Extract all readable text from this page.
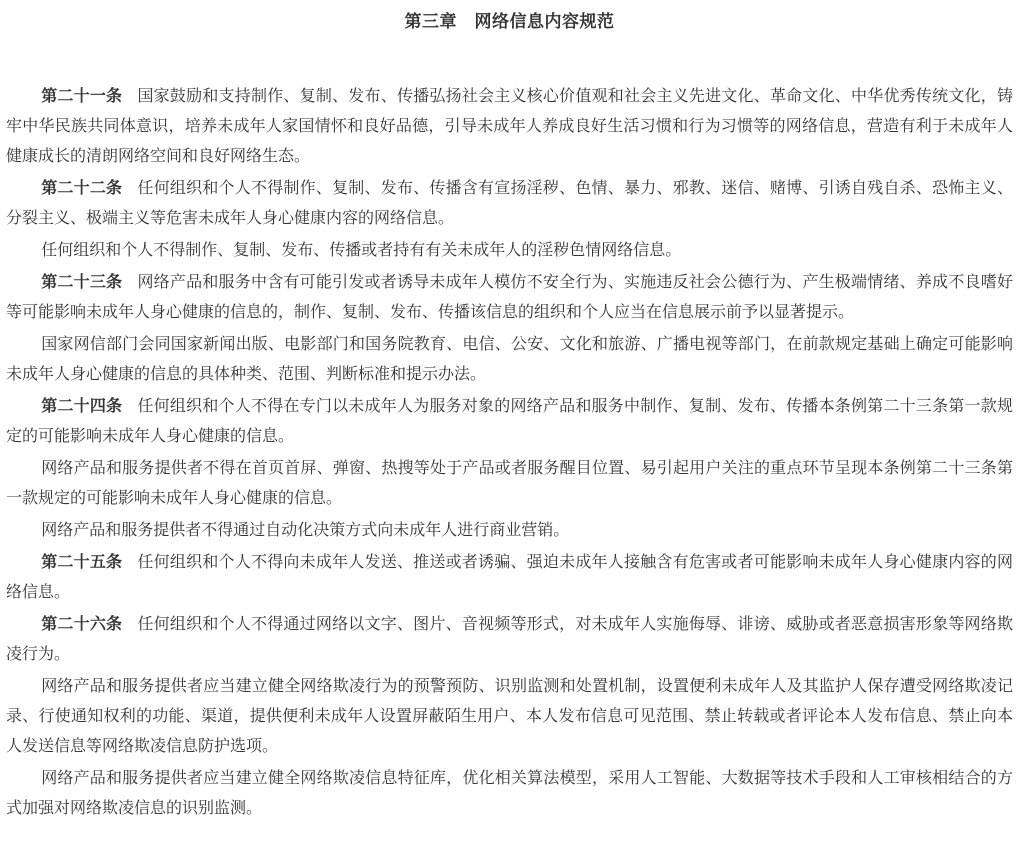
第三章　网络信息内容规范

第二十一条 国家鼓励和支持制作、复制、发布、传播弘扬社会主义核心价值观和社会主义先进文化、革命文化、中华优秀传统文化，铸牢中华民族共同体意识，培养未成年人家国情怀和良好品德，引导未成年人养成良好生活习惯和行为习惯等的网络信息，营造有利于未成年人健康成长的清朗网络空间和良好网络生态。

第二十二条 任何组织和个人不得制作、复制、发布、传播含有宣扬淫秽、色情、暴力、邪教、迷信、赌博、引诱自残自杀、恐怖主义、分裂主义、极端主义等危害未成年人身心健康内容的网络信息。

任何组织和个人不得制作、复制、发布、传播或者持有有关未成年人的淫秽色情网络信息。

第二十三条 网络产品和服务中含有可能引发或者诱导未成年人模仿不安全行为、实施违反社会公德行为、产生极端情绪、养成不良嗜好等可能影响未成年人身心健康的信息的，制作、复制、发布、传播该信息的组织和个人应当在信息展示前予以显著提示。

国家网信部门会同国家新闻出版、电影部门和国务院教育、电信、公安、文化和旅游、广播电视等部门，在前款规定基础上确定可能影响未成年人身心健康的信息的具体种类、范围、判断标准和提示办法。

第二十四条 任何组织和个人不得在专门以未成年人为服务对象的网络产品和服务中制作、复制、发布、传播本条例第二十三条第一款规定的可能影响未成年人身心健康的信息。

网络产品和服务提供者不得在首页首屏、弹窗、热搜等处于产品或者服务醒目位置、易引起用户关注的重点环节呈现本条例第二十三条第一款规定的可能影响未成年人身心健康的信息。

网络产品和服务提供者不得通过自动化决策方式向未成年人进行商业营销。

第二十五条 任何组织和个人不得向未成年人发送、推送或者诱骗、强迫未成年人接触含有危害或者可能影响未成年人身心健康内容的网络信息。

第二十六条 任何组织和个人不得通过网络以文字、图片、音视频等形式，对未成年人实施侮辱、诽谤、威胁或者恶意损害形象等网络欺凌行为。

网络产品和服务提供者应当建立健全网络欺凌行为的预警预防、识别监测和处置机制，设置便利未成年人及其监护人保存遭受网络欺凌记录、行使通知权利的功能、渠道，提供便利未成年人设置屏蔽陌生用户、本人发布信息可见范围、禁止转载或者评论本人发布信息、禁止向本人发送信息等网络欺凌信息防护选项。

网络产品和服务提供者应当建立健全网络欺凌信息特征库，优化相关算法模型，采用人工智能、大数据等技术手段和人工审核相结合的方式加强对网络欺凌信息的识别监测。
